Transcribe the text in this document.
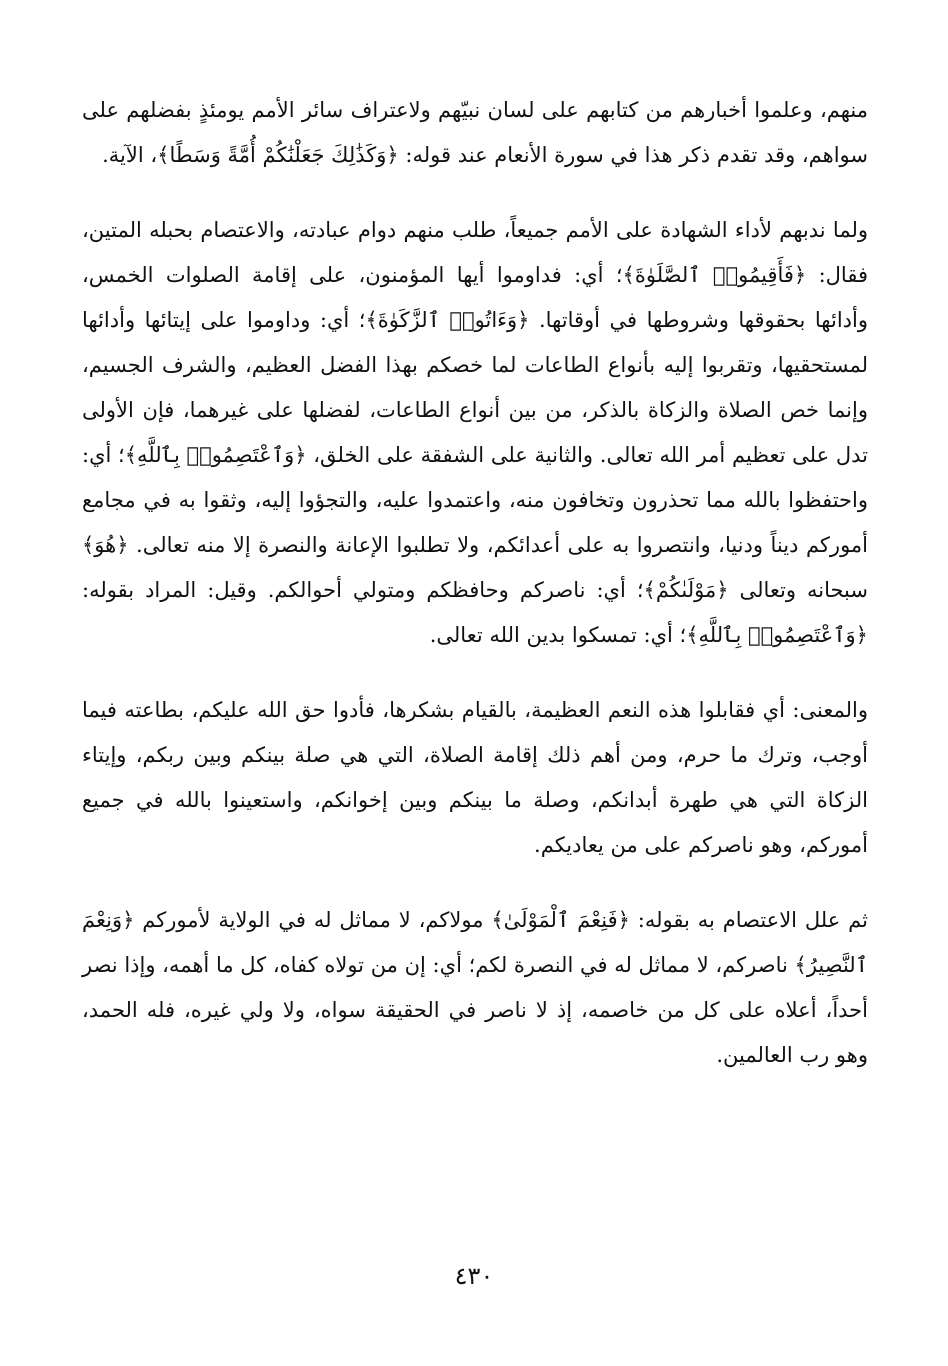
منهم، وعلموا أخبارهم من كتابهم على لسان نبيّهم ولاعتراف سائر الأمم يومئذٍ بفضلهم على سواهم، وقد تقدم ذكر هذا في سورة الأنعام عند قوله: ﴿وَكَذَٰلِكَ جَعَلْنَٰكُمْ أُمَّةً وَسَطًا﴾، الآية.

ولما ندبهم لأداء الشهادة على الأمم جميعاً، طلب منهم دوام عبادته، والاعتصام بحبله المتين، فقال: ﴿فَأَقِيمُوا۟ ٱلصَّلَوٰةَ﴾؛ أي: فداوموا أيها المؤمنون، على إقامة الصلوات الخمس، وأدائها بحقوقها وشروطها في أوقاتها. ﴿وَءَاتُوا۟ ٱلزَّكَوٰةَ﴾؛ أي: وداوموا على إيتائها وأدائها لمستحقيها، وتقربوا إليه بأنواع الطاعات لما خصكم بهذا الفضل العظيم، والشرف الجسيم، وإنما خص الصلاة والزكاة بالذكر، من بين أنواع الطاعات، لفضلها على غيرهما، فإن الأولى تدل على تعظيم أمر الله تعالى. والثانية على الشفقة على الخلق، ﴿وَٱعْتَصِمُوا۟ بِٱللَّهِ﴾؛ أي: واحتفظوا بالله مما تحذرون وتخافون منه، واعتمدوا عليه، والتجؤوا إليه، وثقوا به في مجامع أموركم ديناً ودنيا، وانتصروا به على أعدائكم، ولا تطلبوا الإعانة والنصرة إلا منه تعالى. ﴿هُوَ﴾ سبحانه وتعالى ﴿مَوْلَىٰكُمْ﴾؛ أي: ناصركم وحافظكم ومتولي أحوالكم. وقيل: المراد بقوله: ﴿وَٱعْتَصِمُوا۟ بِٱللَّهِ﴾؛ أي: تمسكوا بدين الله تعالى.

والمعنى: أي فقابلوا هذه النعم العظيمة، بالقيام بشكرها، فأدوا حق الله عليكم، بطاعته فيما أوجب، وترك ما حرم، ومن أهم ذلك إقامة الصلاة، التي هي صلة بينكم وبين ربكم، وإيتاء الزكاة التي هي طهرة أبدانكم، وصلة ما بينكم وبين إخوانكم، واستعينوا بالله في جميع أموركم، وهو ناصركم على من يعاديكم.

ثم علل الاعتصام به بقوله: ﴿فَنِعْمَ ٱلْمَوْلَىٰ﴾ مولاكم، لا مماثل له في الولاية لأموركم ﴿وَنِعْمَ ٱلنَّصِيرُ﴾ ناصركم، لا مماثل له في النصرة لكم؛ أي: إن من تولاه كفاه، كل ما أهمه، وإذا نصر أحداً، أعلاه على كل من خاصمه، إذ لا ناصر في الحقيقة سواه، ولا ولي غيره، فله الحمد، وهو رب العالمين.

٤٣٠
